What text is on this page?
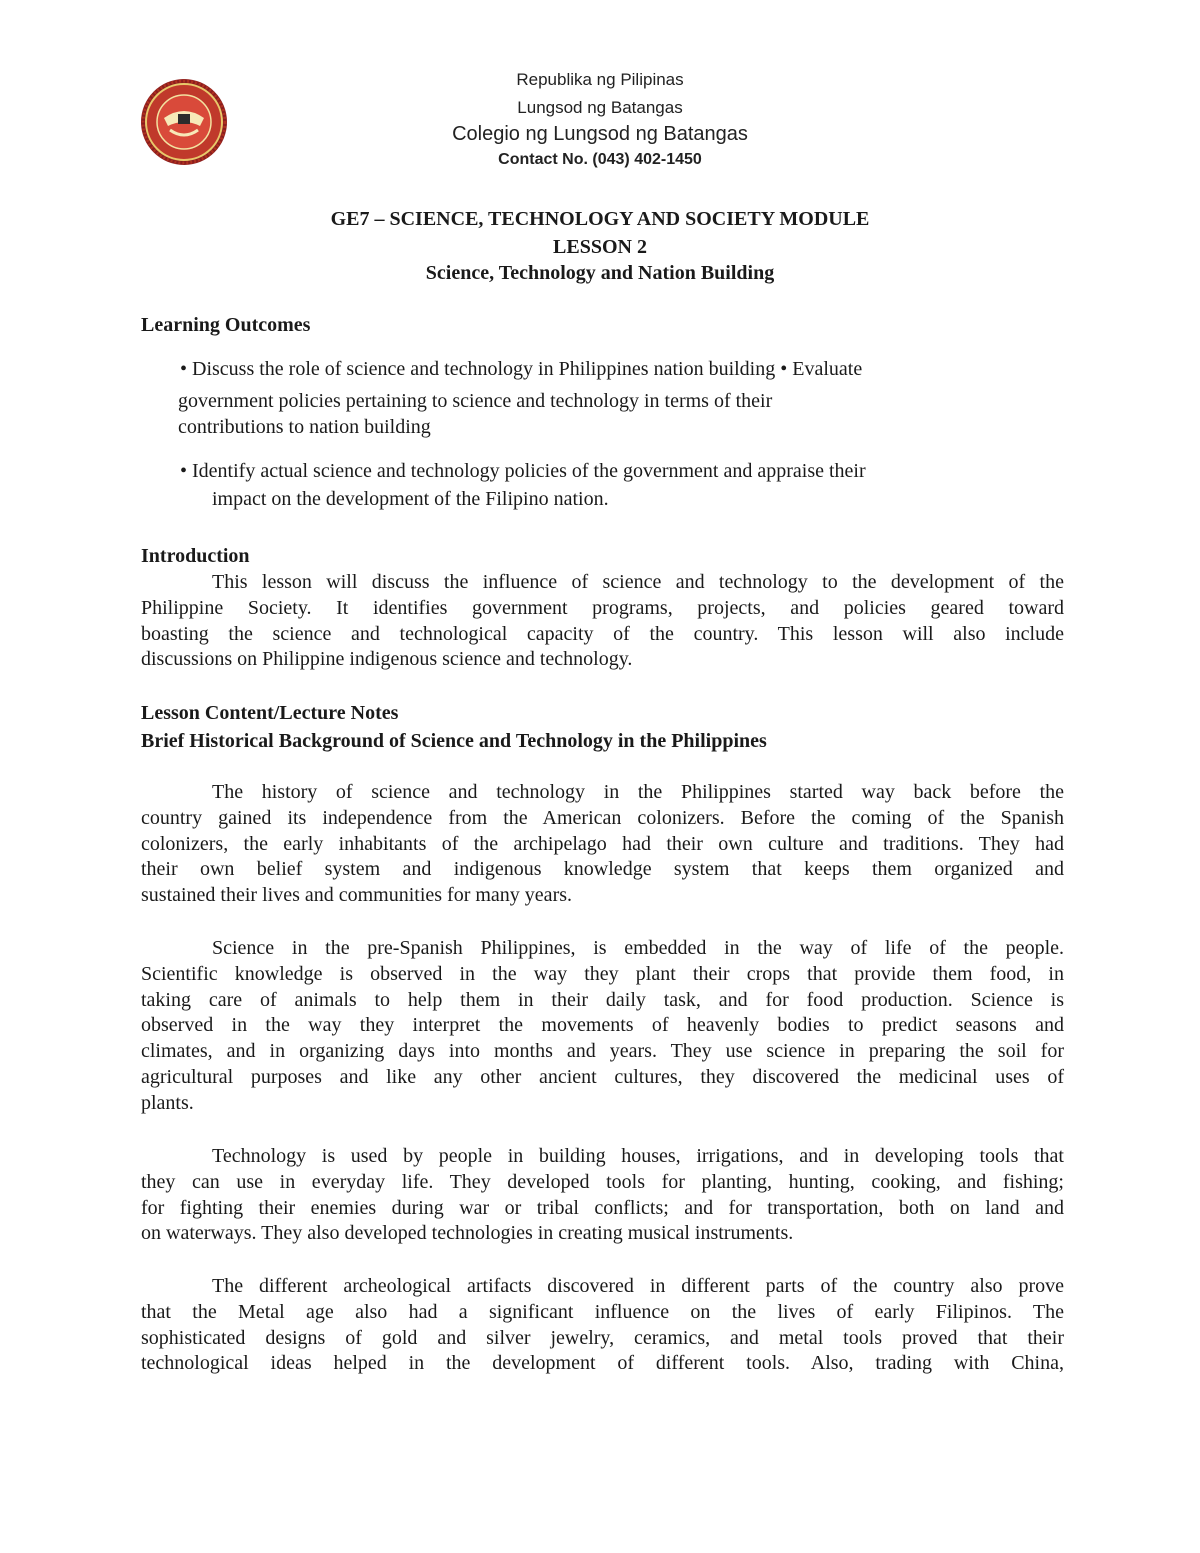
Republika ng Pilipinas
Lungsod ng Batangas
Colegio ng Lungsod ng Batangas
Contact No. (043) 402-1450
GE7 – SCIENCE, TECHNOLOGY AND SOCIETY MODULE
LESSON 2
Science, Technology and Nation Building
Learning Outcomes
• Discuss the role of science and technology in Philippines nation building • Evaluate
government policies pertaining to science and technology in terms of their
contributions to nation building
• Identify actual science and technology policies of the government and appraise their
impact on the development of the Filipino nation.
Introduction
This lesson will discuss the influence of science and technology to the development of the
Philippine Society. It identifies government programs, projects, and policies geared toward
boasting the science and technological capacity of the country. This lesson will also include
discussions on Philippine indigenous science and technology.
Lesson Content/Lecture Notes
Brief Historical Background of Science and Technology in the Philippines
The history of science and technology in the Philippines started way back before the
country gained its independence from the American colonizers. Before the coming of the Spanish
colonizers, the early inhabitants of the archipelago had their own culture and traditions. They had
their own belief system and indigenous knowledge system that keeps them organized and
sustained their lives and communities for many years.
Science in the pre-Spanish Philippines, is embedded in the way of life of the people.
Scientific knowledge is observed in the way they plant their crops that provide them food, in
taking care of animals to help them in their daily task, and for food production. Science is
observed in the way they interpret the movements of heavenly bodies to predict seasons and
climates, and in organizing days into months and years. They use science in preparing the soil for
agricultural purposes and like any other ancient cultures, they discovered the medicinal uses of
plants.
Technology is used by people in building houses, irrigations, and in developing tools that
they can use in everyday life. They developed tools for planting, hunting, cooking, and fishing;
for fighting their enemies during war or tribal conflicts; and for transportation, both on land and
on waterways. They also developed technologies in creating musical instruments.
The different archeological artifacts discovered in different parts of the country also prove
that the Metal age also had a significant influence on the lives of early Filipinos. The
sophisticated designs of gold and silver jewelry, ceramics, and metal tools proved that their
technological ideas helped in the development of different tools. Also, trading with China,
